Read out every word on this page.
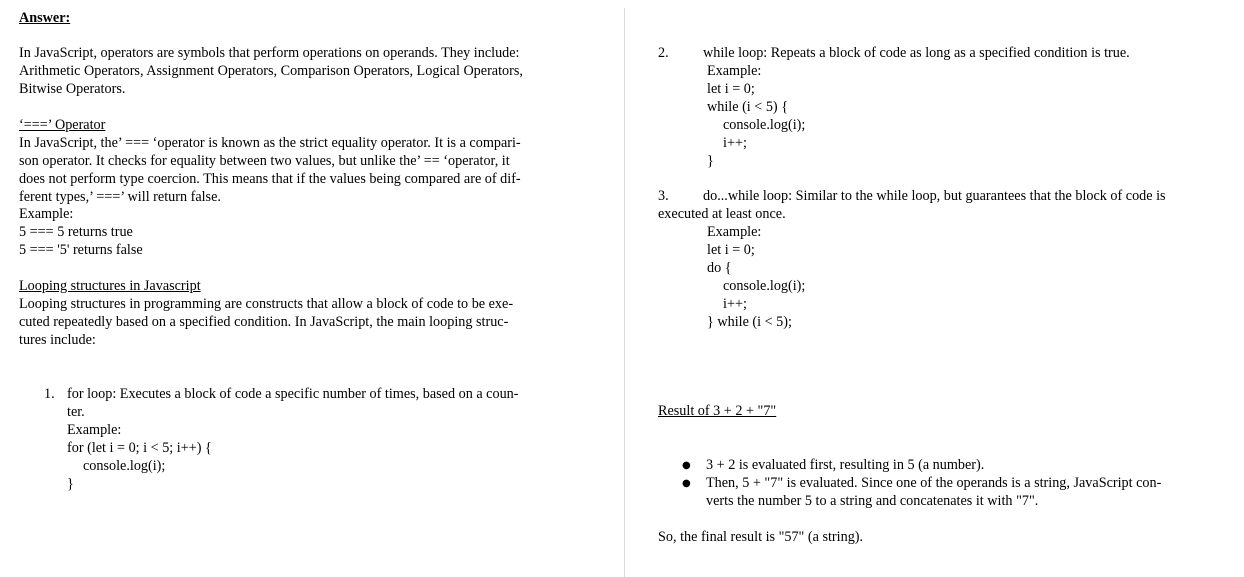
Answer:
In JavaScript, operators are symbols that perform operations on operands. They include:
Arithmetic Operators, Assignment Operators, Comparison Operators, Logical Operators,
Bitwise Operators.
‘===’ Operator
In JavaScript, the’ === ‘operator is known as the strict equality operator. It is a compari-
son operator. It checks for equality between two values, but unlike the’ == ‘operator, it
does not perform type coercion. This means that if the values being compared are of dif-
ferent types,’ ===’ will return false.
Example:
5 === 5 returns true
5 === '5' returns false
Looping structures in Javascript
Looping structures in programming are constructs that allow a block of code to be exe-
cuted repeatedly based on a specified condition. In JavaScript, the main looping struc-
tures include:
1. for loop: Executes a block of code a specific number of times, based on a coun-
ter.
Example:
for (let i = 0; i < 5; i++) {
console.log(i);
}
2. while loop: Repeats a block of code as long as a specified condition is true.
Example:
let i = 0;
while (i < 5) {
console.log(i);
i++;
}
3. do...while loop: Similar to the while loop, but guarantees that the block of code is
executed at least once.
Example:
let i = 0;
do {
console.log(i);
i++;
} while (i < 5);
Result of 3 + 2 + "7"
● 3 + 2 is evaluated first, resulting in 5 (a number).
● Then, 5 + "7" is evaluated. Since one of the operands is a string, JavaScript con-
verts the number 5 to a string and concatenates it with "7".
So, the final result is "57" (a string).
